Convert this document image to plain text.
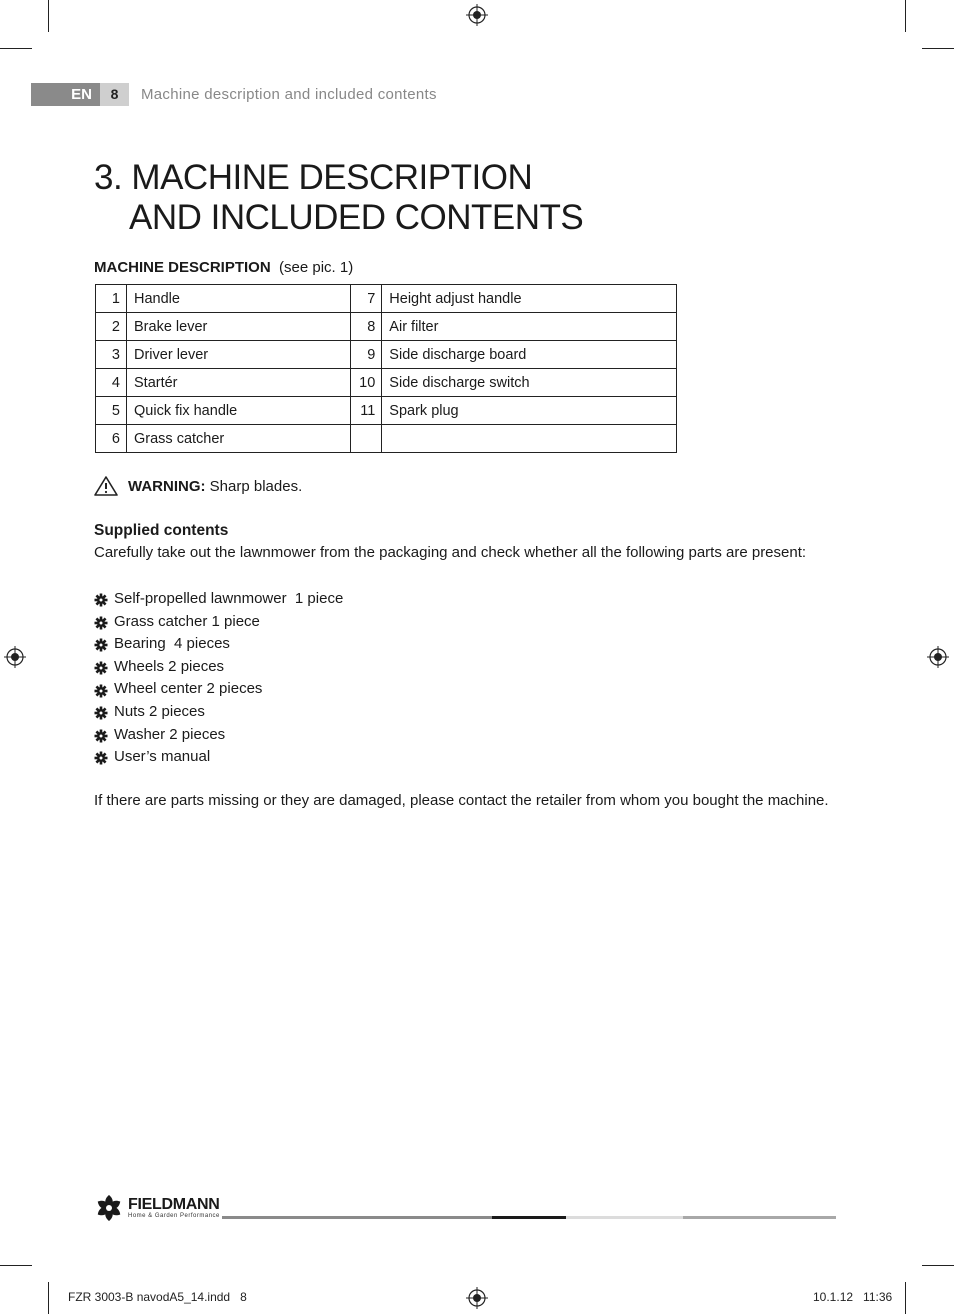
EN	8	Machine description and included contents
3. MACHINE DESCRIPTION
AND INCLUDED CONTENTS
MACHINE DESCRIPTION (see pic. 1)
1	Handle	7	Height adjust handle
2	Brake lever	8	Air filter
3	Driver lever	9	Side discharge board
4	Startér	10	Side discharge switch
5	Quick fix handle	11	Spark plug
6	Grass catcher		
WARNING:
Sharp blades.
Supplied contents
Carefully take out the lawnmower from the packaging and check whether all the following parts are present:
Self-propelled lawnmower  1 piece
Grass catcher 1 piece
Bearing  4 pieces
Wheels 2 pieces
Wheel center 2 pieces
Nuts 2 pieces
Washer 2 pieces
User’s manual
If there are parts missing or they are damaged, please contact the retailer from whom you bought the machine.
FIELDMANN
Home & Garden Performance
FZR 3003-B navodA5_14.indd   8	10.1.12   11:36
